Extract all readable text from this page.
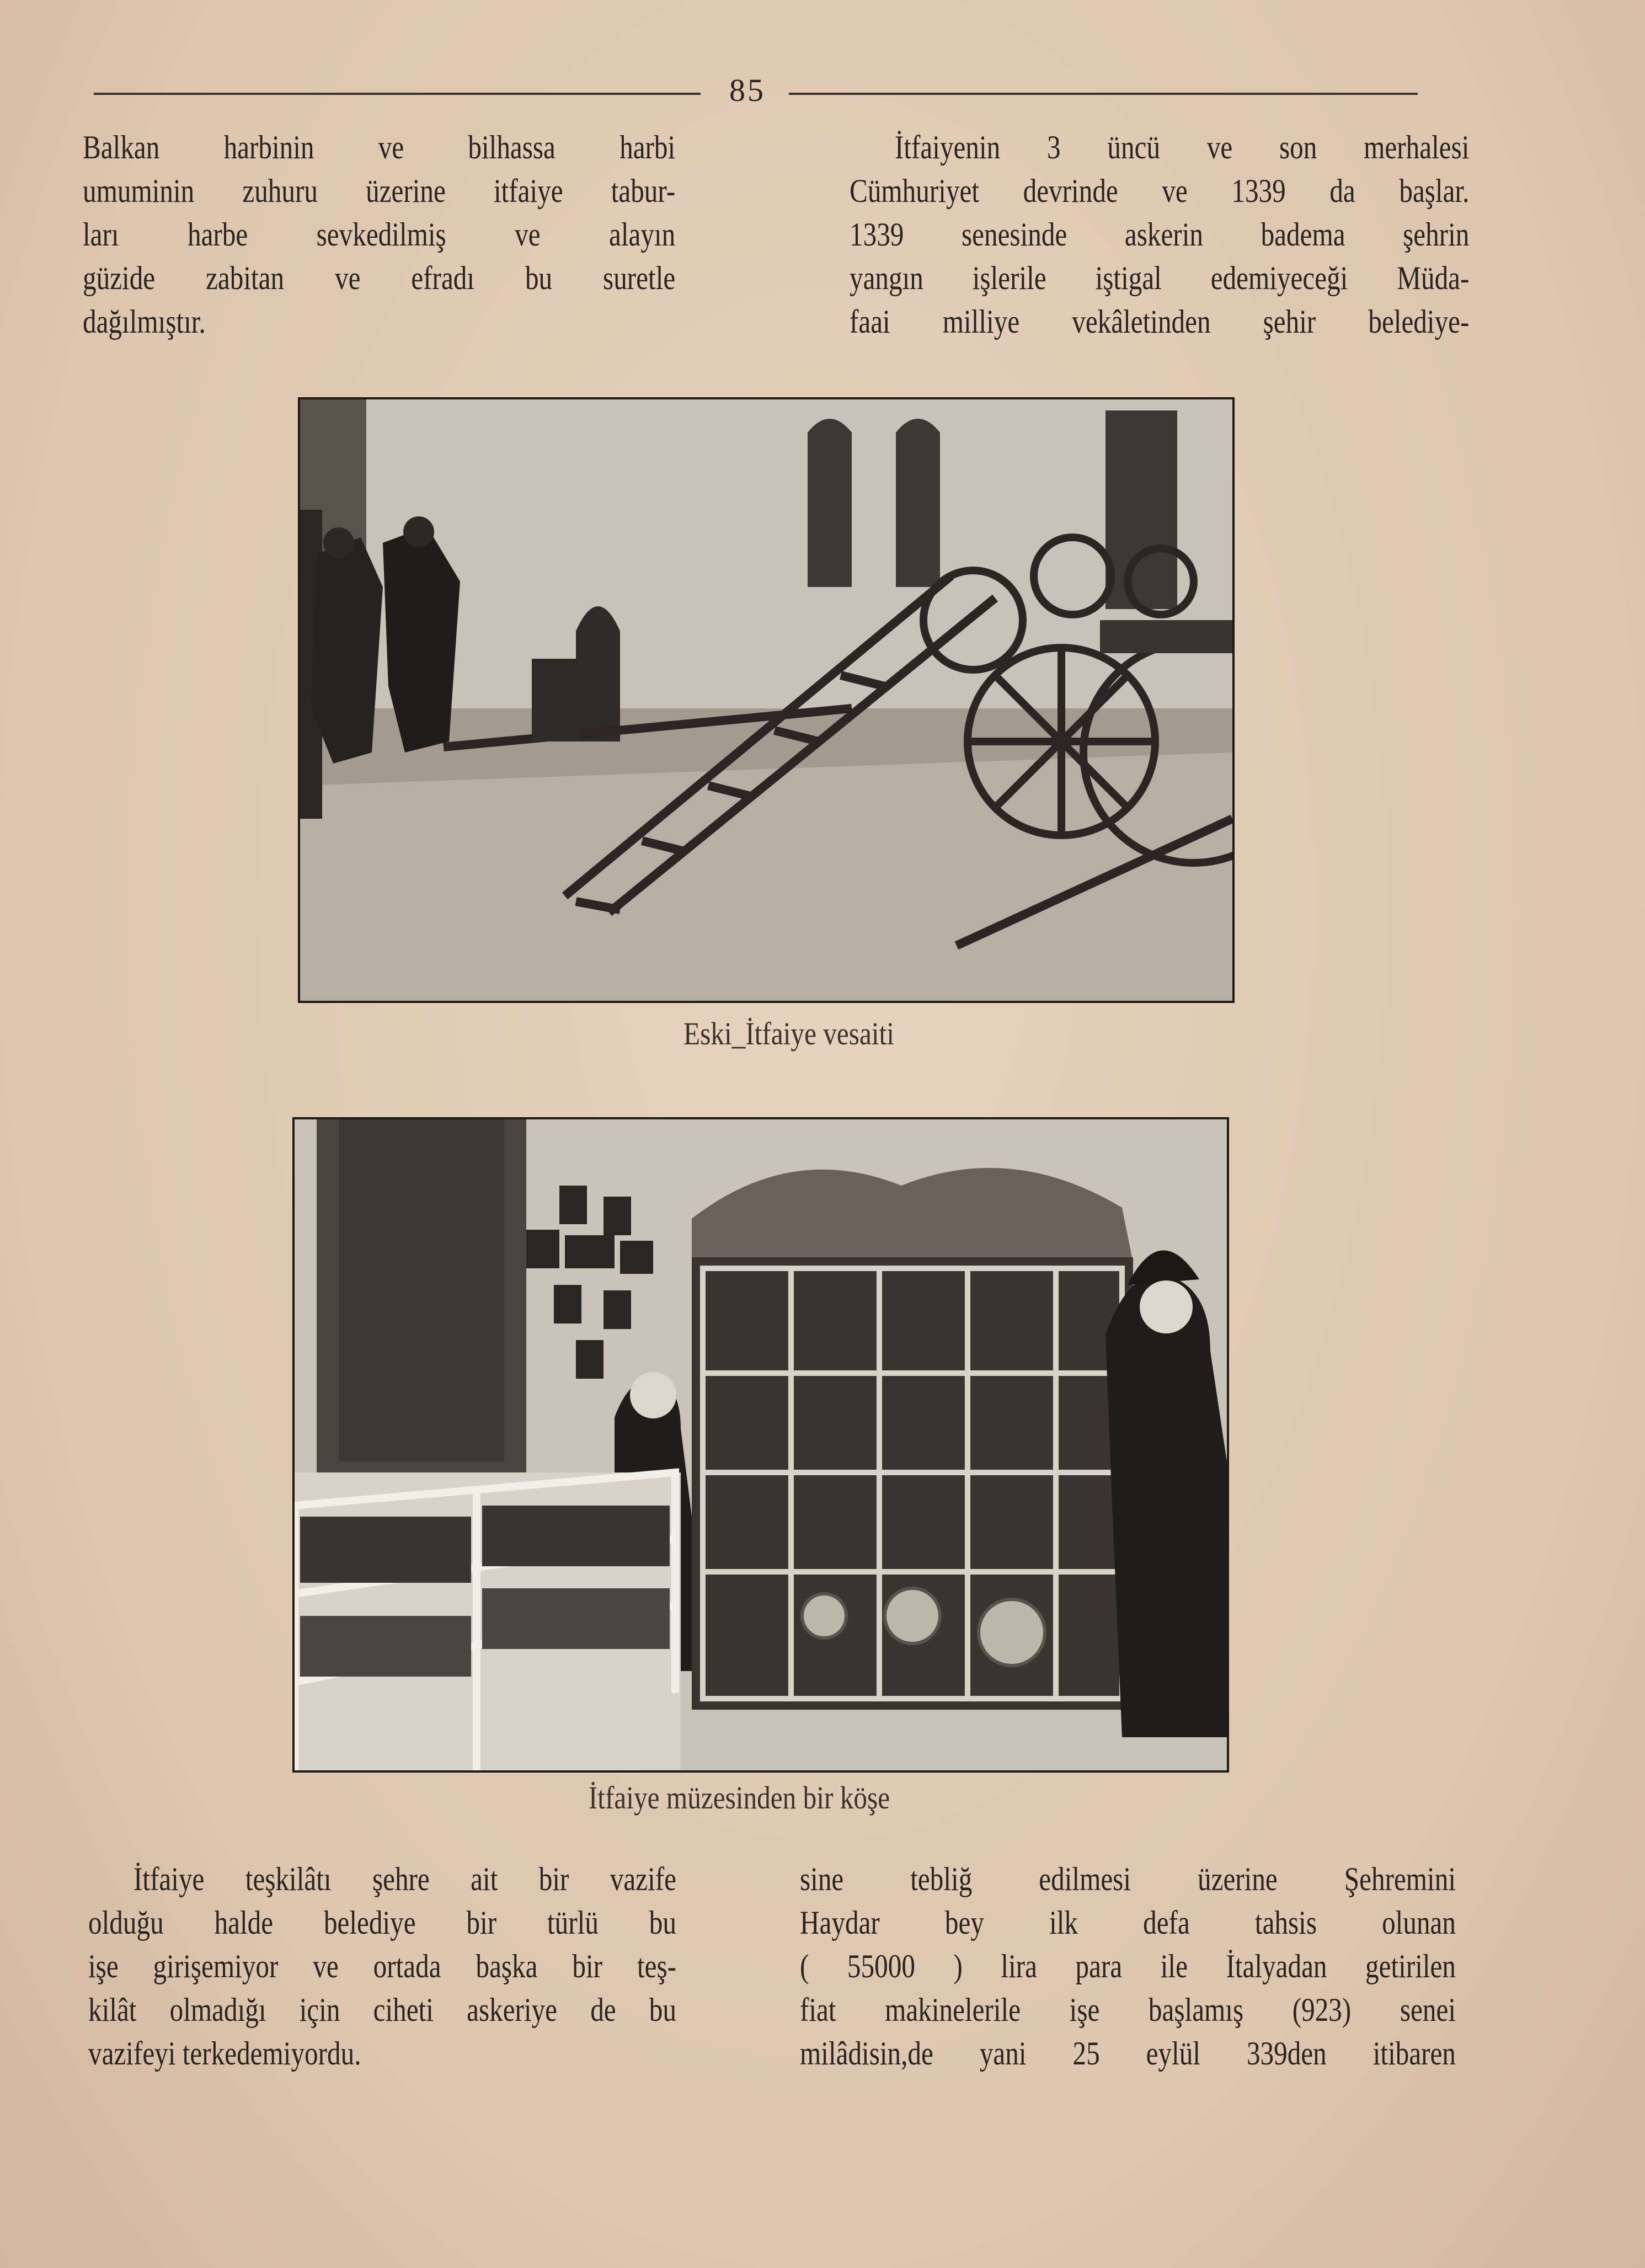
85
Balkan harbinin ve bilhassa harbi
umuminin zuhuru üzerine itfaiye tabur-
ları harbe sevkedilmiş ve alayın
güzide zabitan ve efradı bu suretle
dağılmıştır.
İtfaiyenin 3 üncü ve son merhalesi
Cümhuriyet devrinde ve 1339 da başlar.
1339 senesinde askerin badema şehrin
yangın işlerile iştigal edemiyeceği Müda-
faai milliye vekâletinden şehir belediye-
Eski_İtfaiye vesaiti
İtfaiye müzesinden bir köşe
İtfaiye teşkilâtı şehre ait bir vazife
olduğu halde belediye bir türlü bu
işe girişemiyor ve ortada başka bir teş-
kilât olmadığı için ciheti askeriye de bu
vazifeyi terkedemiyordu.
sine tebliğ edilmesi üzerine Şehremini
Haydar bey ilk defa tahsis olunan
( 55000 ) lira para ile İtalyadan getirilen
fiat makinelerile işe başlamış (923) senei
milâdisin,de yani 25 eylül 339den itibaren
